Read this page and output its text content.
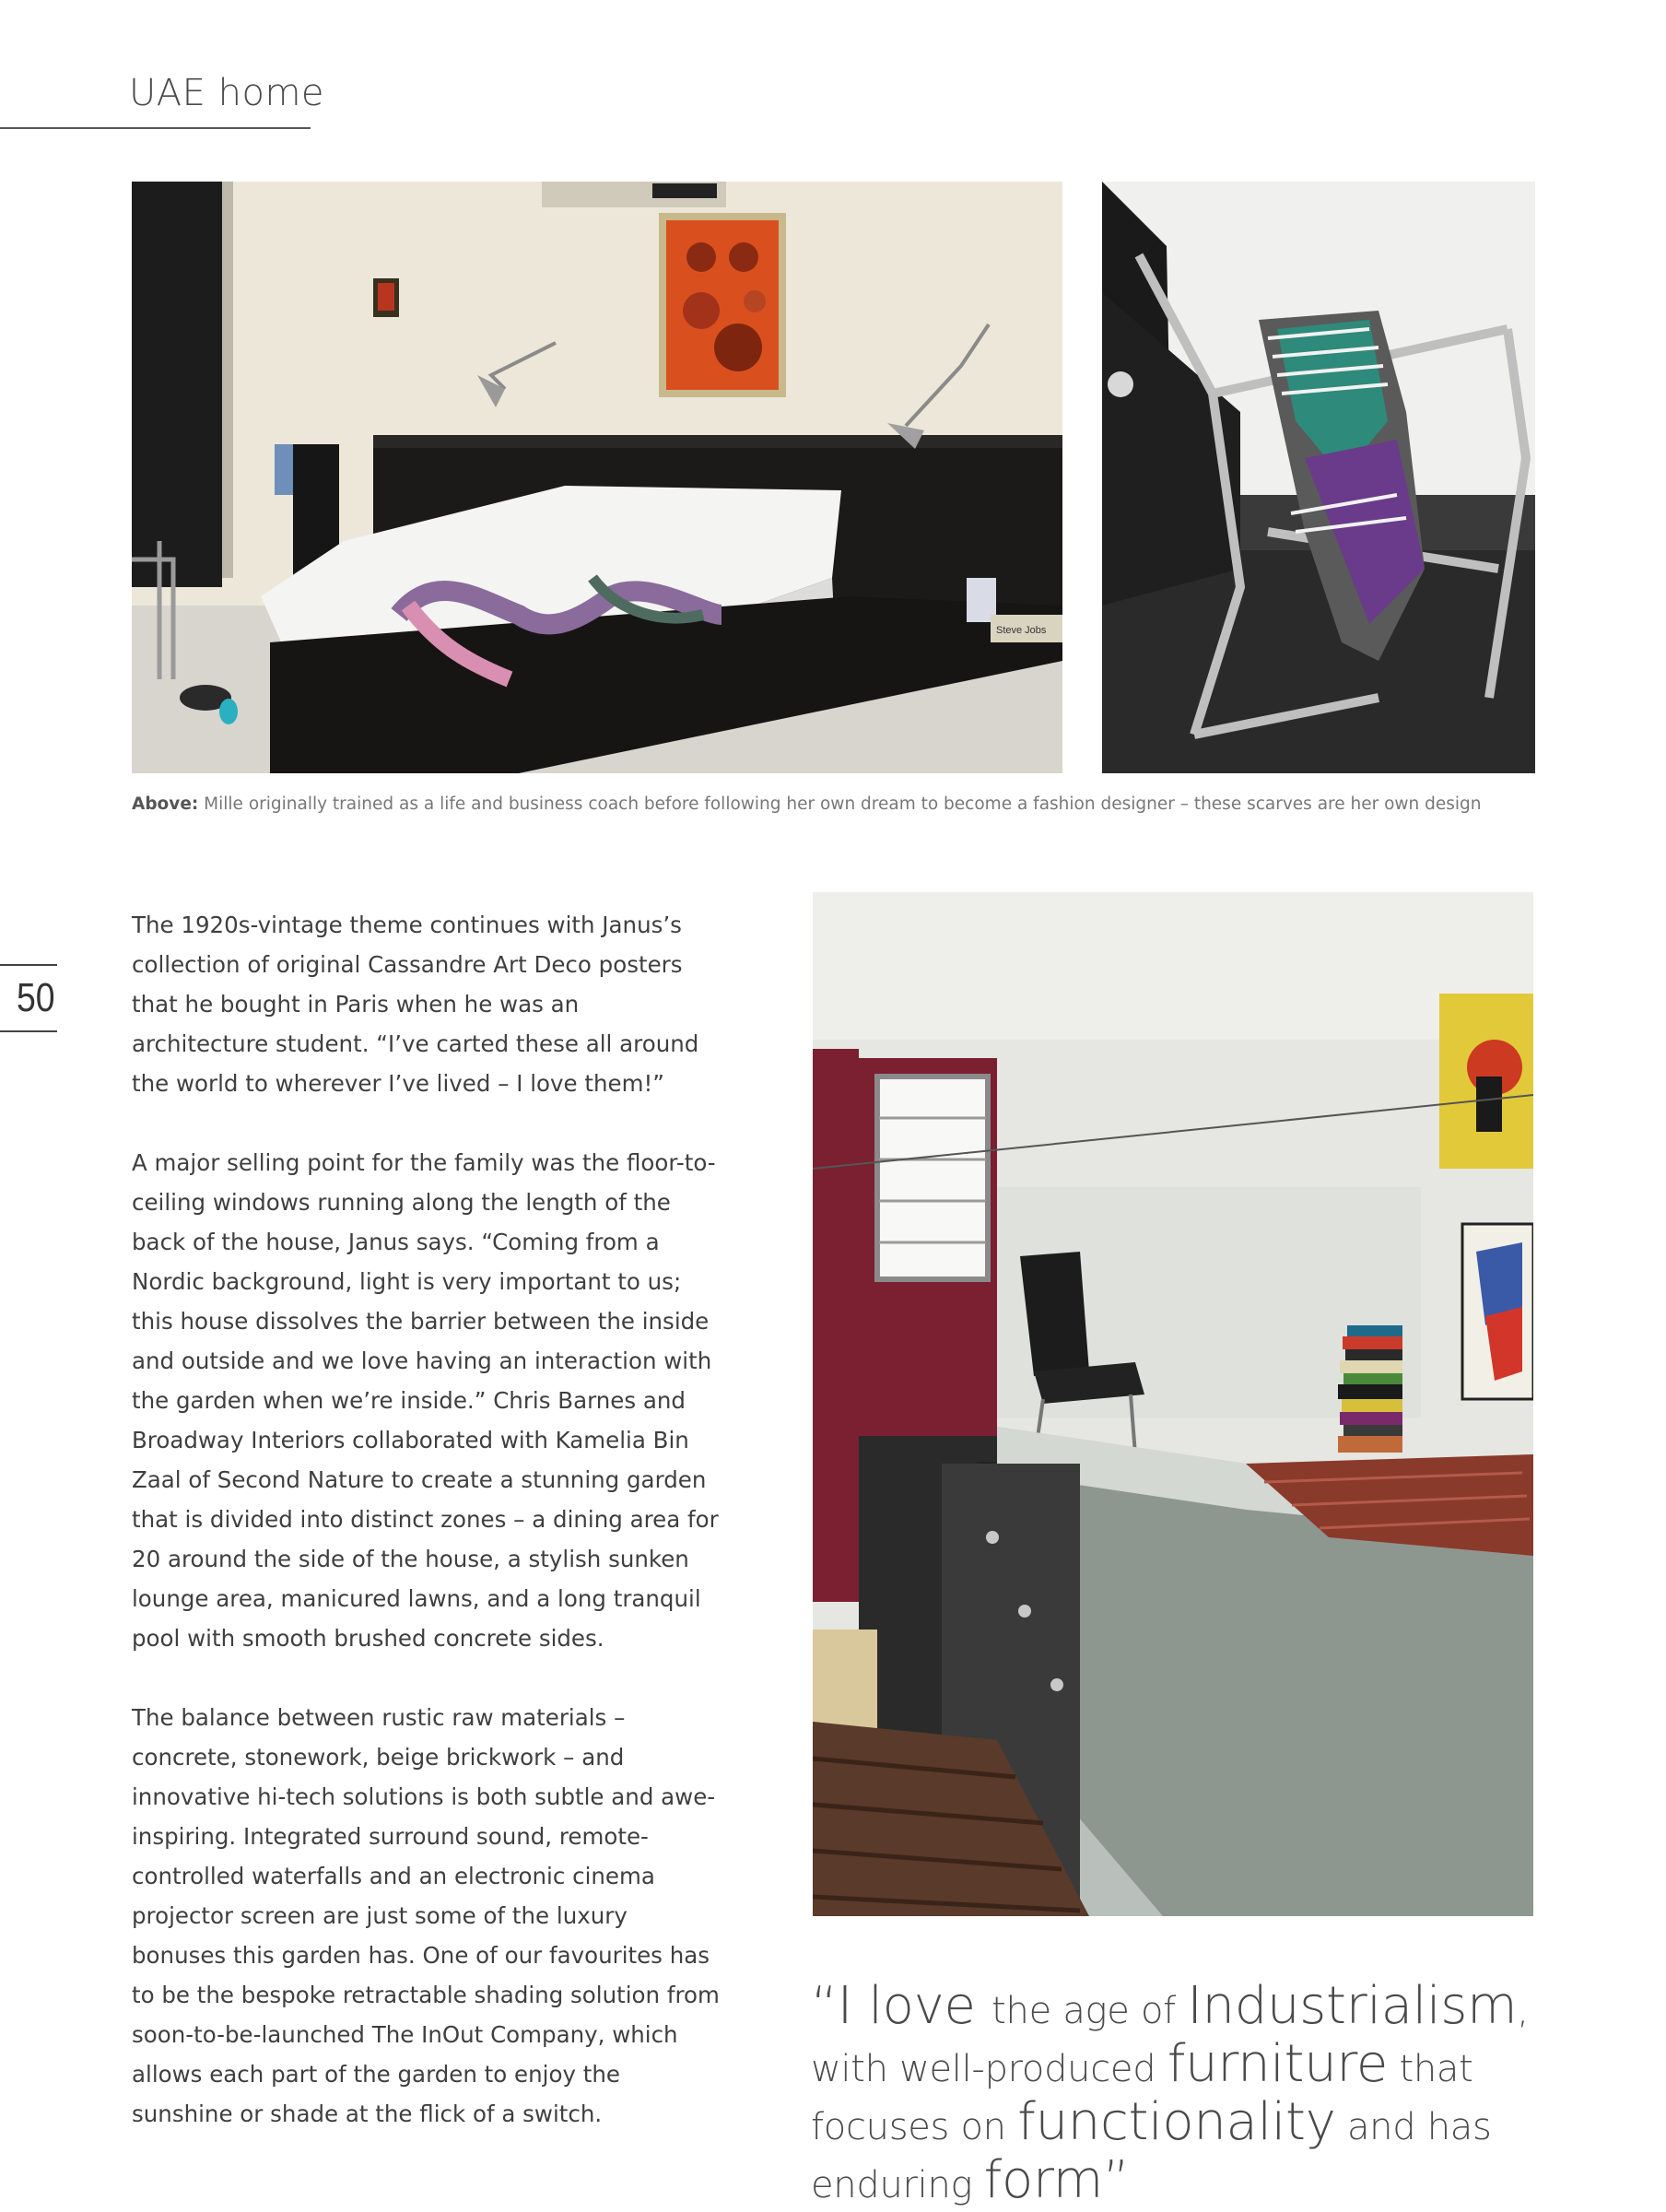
UAE home
Steve Jobs
Above: Mille originally trained as a life and business coach before following her own dream to become a fashion designer – these scarves are her own design
50

The 1920s-vintage theme continues with Janus’s collection of original Cassandre Art Deco posters that he bought in Paris when he was an architecture student. “I’ve carted these all around the world to wherever I’ve lived – I love them!”

A major selling point for the family was the floor-to-ceiling windows running along the length of the back of the house, Janus says. “Coming from a Nordic background, light is very important to us; this house dissolves the barrier between the inside and outside and we love having an interaction with the garden when we’re inside.” Chris Barnes and Broadway Interiors collaborated with Kamelia Bin Zaal of Second Nature to create a stunning garden that is divided into distinct zones – a dining area for 20 around the side of the house, a stylish sunken lounge area, manicured lawns, and a long tranquil pool with smooth brushed concrete sides.

The balance between rustic raw materials – concrete, stonework, beige brickwork – and innovative hi-tech solutions is both subtle and awe-inspiring. Integrated surround sound, remote-controlled waterfalls and an electronic cinema projector screen are just some of the luxury bonuses this garden has. One of our favourites has to be the bespoke retractable shading solution from soon-to-be-launched The InOut Company, which allows each part of the garden to enjoy the sunshine or shade at the flick of a switch.

“I love the age of Industrialism, with well-produced furniture that focuses on functionality and has enduring form”
